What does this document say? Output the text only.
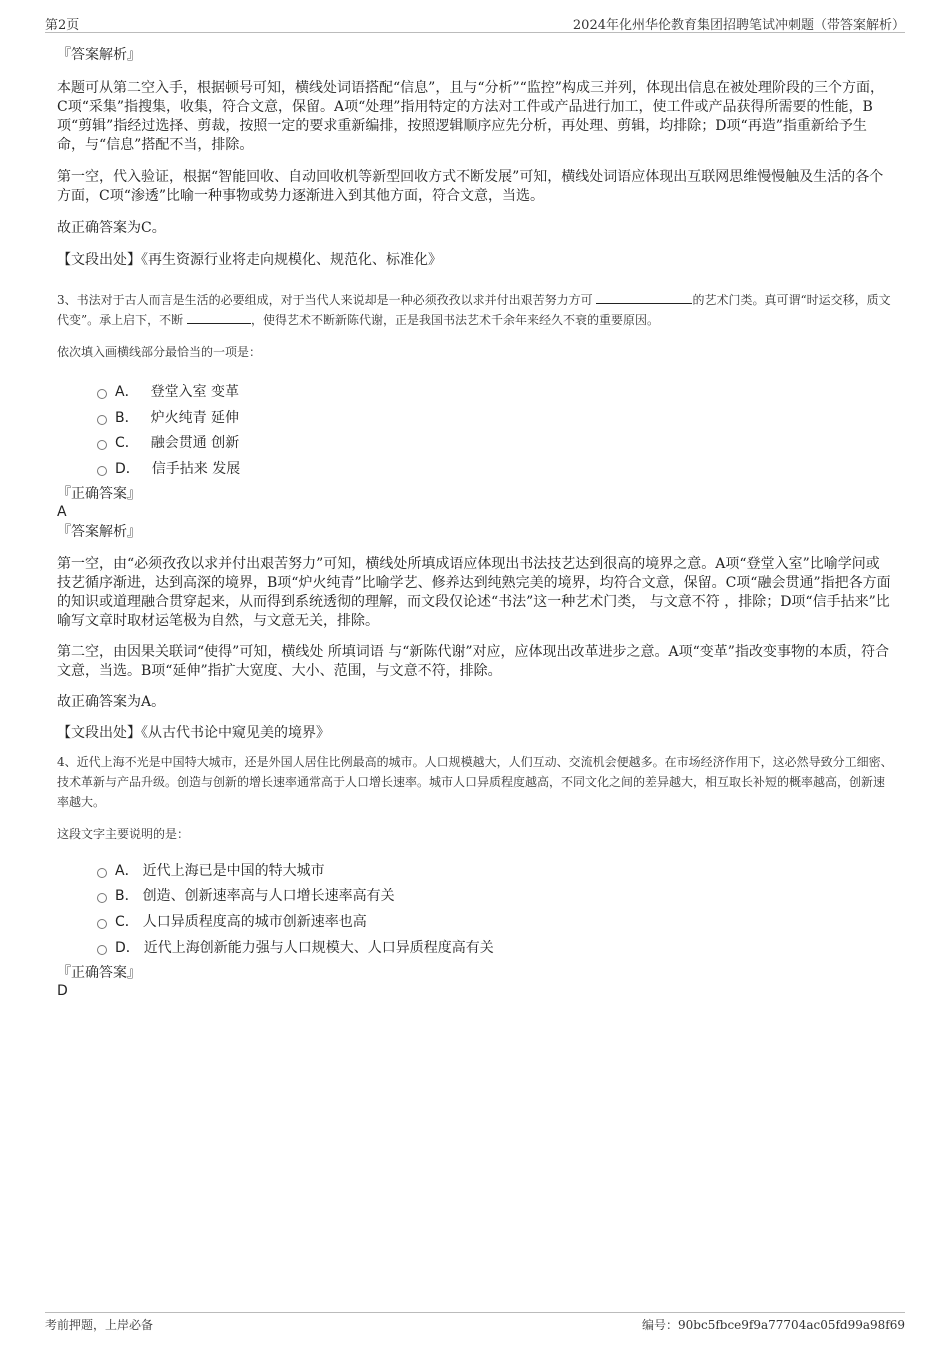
第2页	2024年化州华伦教育集团招聘笔试冲刺题（带答案解析）

『答案解析』

本题可从第二空入手，根据顿号可知，横线处词语搭配“信息”，且与“分析”“监控”构成三并列，体现出信息在被处理阶段的三个方面，C项“采集”指搜集，收集，符合文意，保留。A项“处理”指用特定的方法对工件或产品进行加工，使工件或产品获得所需要的性能，B项“剪辑”指经过选择、剪裁，按照一定的要求重新编排，按照逻辑顺序应先分析，再处理、剪辑，均排除；D项“再造”指重新给予生命，与“信息”搭配不当，排除。

第一空，代入验证，根据“智能回收、自动回收机等新型回收方式不断发展”可知，横线处词语应体现出互联网思维慢慢触及生活的各个方面，C项“渗透”比喻一种事物或势力逐渐进入到其他方面，符合文意，当选。

故正确答案为C。

【文段出处】《再生资源行业将走向规模化、规范化、标准化》

3、书法对于古人而言是生活的必要组成，对于当代人来说却是一种必须孜孜以求并付出艰苦努力方可	的艺术门类。真可谓“时运交移，质文代变”。承上启下，不断	，使得艺术不断新陈代谢，正是我国书法艺术千余年来经久不衰的重要原因。

依次填入画横线部分最恰当的一项是：

A． 登堂入室 变革
B． 炉火纯青 延伸
C． 融会贯通 创新
D． 信手拈来 发展

『正确答案』

A

『答案解析』

第一空，由“必须孜孜以求并付出艰苦努力”可知，横线处所填成语应体现出书法技艺达到很高的境界之意。A项“登堂入室”比喻学问或技艺循序渐进，达到高深的境界，B项“炉火纯青”比喻学艺、修养达到纯熟完美的境界，均符合文意，保留。C项“融会贯通”指把各方面的知识或道理融合贯穿起来，从而得到系统透彻的理解，而文段仅论述“书法”这一种艺术门类， 与文意不符 ，排除；D项“信手拈来”比喻写文章时取材运笔极为自然，与文意无关，排除。

第二空，由因果关联词“使得”可知，横线处 所填词语 与“新陈代谢”对应，应体现出改革进步之意。A项“变革”指改变事物的本质，符合文意，当选。B项“延伸”指扩大宽度、大小、范围，与文意不符，排除。

故正确答案为A。

【文段出处】《从古代书论中窥见美的境界》

4、近代上海不光是中国特大城市，还是外国人居住比例最高的城市。人口规模越大，人们互动、交流机会便越多。在市场经济作用下，这必然导致分工细密、技术革新与产品升级。创造与创新的增长速率通常高于人口增长速率。城市人口异质程度越高，不同文化之间的差异越大，相互取长补短的概率越高，创新速率越大。

这段文字主要说明的是：

A． 近代上海已是中国的特大城市
B． 创造、创新速率高与人口增长速率高有关
C． 人口异质程度高的城市创新速率也高
D． 近代上海创新能力强与人口规模大、人口异质程度高有关

『正确答案』

D

考前押题，上岸必备	编号：90bc5fbce9f9a77704ac05fd99a98f69
